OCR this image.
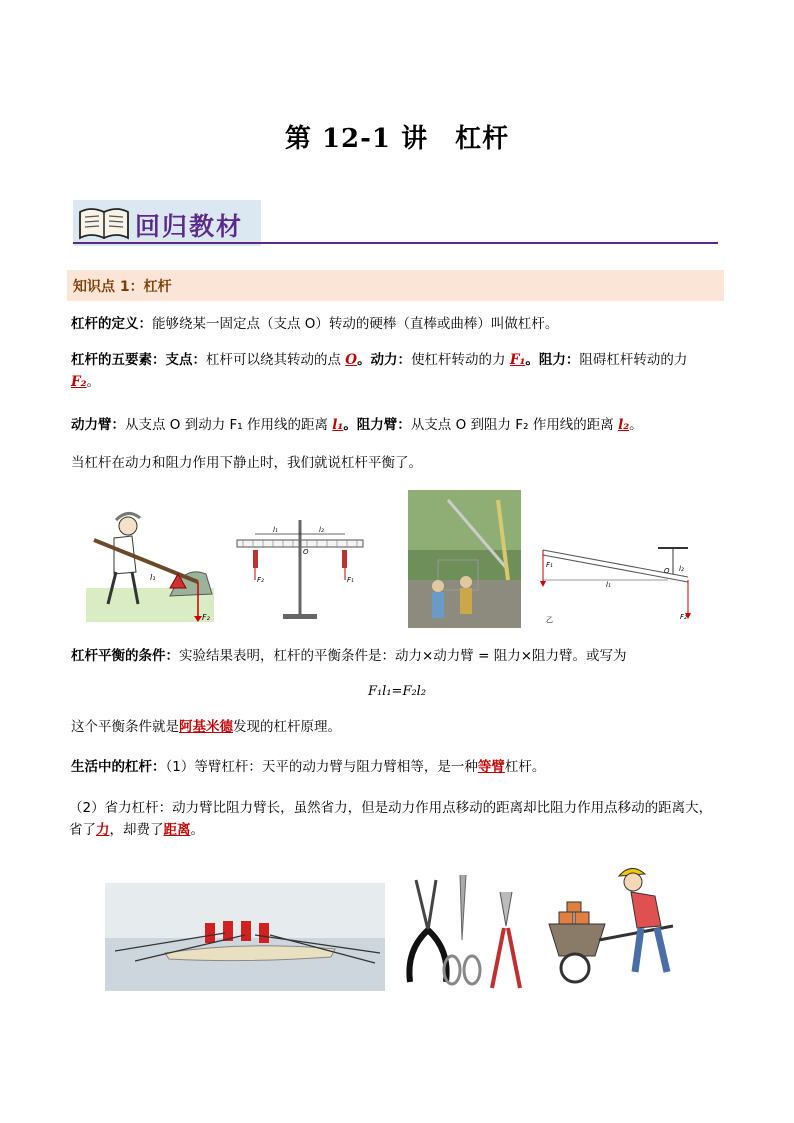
第 12-1 讲　杠杆
回归教材
知识点 1：杠杆
杠杆的定义：能够绕某一固定点（支点 O）转动的硬棒（直棒或曲棒）叫做杠杆。
杠杆的五要素：支点：杠杆可以绕其转动的点 O。动力：使杠杆转动的力 F₁。阻力：阻碍杠杆转动的力
F₂。
动力臂：从支点 O 到动力 F₁ 作用线的距离 l₁。阻力臂：从支点 O 到阻力 F₂ 作用线的距离 l₂。
当杠杆在动力和阻力作用下静止时，我们就说杠杆平衡了。
l₁
F₂
l₁	l₂
O
F₂	F₁
F₁
l₁
O l₂
乙	F₂
杠杆平衡的条件：实验结果表明，杠杆的平衡条件是：动力×动力臂 = 阻力×阻力臂。或写为
F₁l₁=F₂l₂
这个平衡条件就是阿基米德发现的杠杆原理。
生活中的杠杆：（1）等臂杠杆：天平的动力臂与阻力臂相等，是一种等臂杠杆。
（2）省力杠杆：动力臂比阻力臂长，虽然省力，但是动力作用点移动的距离却比阻力作用点移动的距离大，
省了力，却费了距离。
